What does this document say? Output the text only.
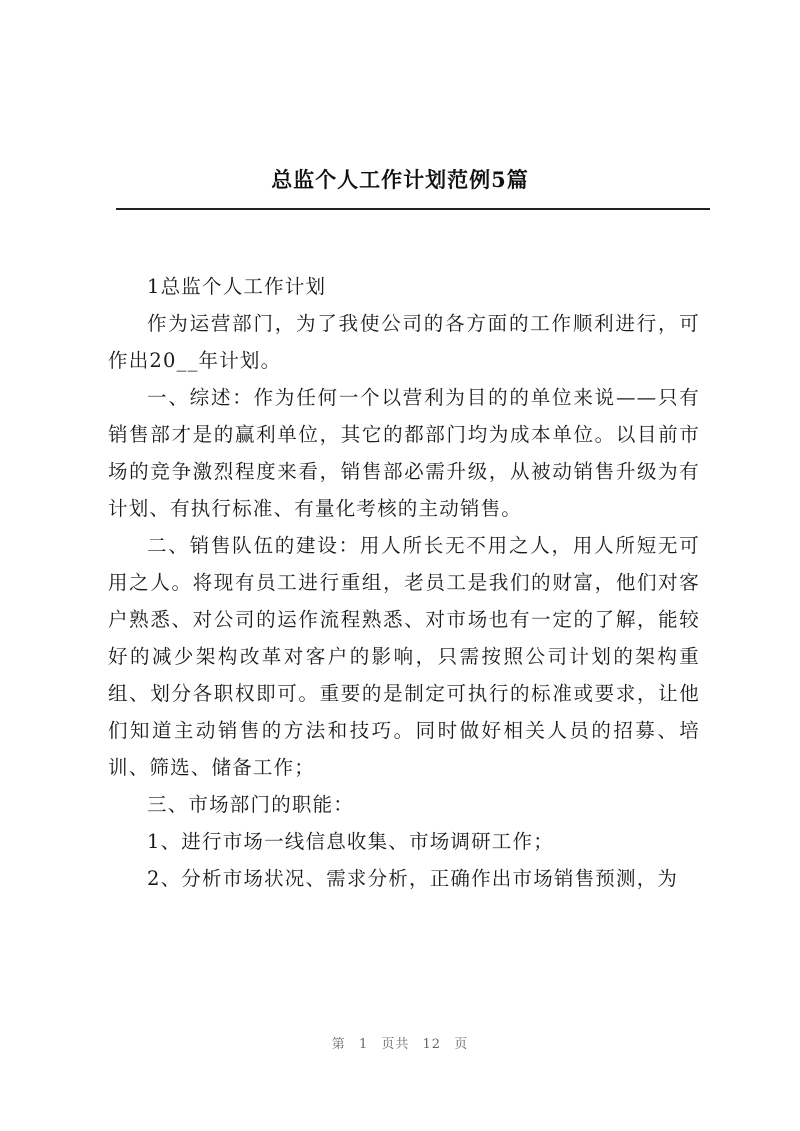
总监个人工作计划范例5篇

1总监个人工作计划

作为运营部门，为了我使公司的各方面的工作顺利进行，可作出20__年计划。

一、综述：作为任何一个以营利为目的的单位来说——只有销售部才是的赢利单位，其它的都部门均为成本单位。以目前市场的竞争激烈程度来看，销售部必需升级，从被动销售升级为有计划、有执行标准、有量化考核的主动销售。

二、销售队伍的建设：用人所长无不用之人，用人所短无可用之人。将现有员工进行重组，老员工是我们的财富，他们对客户熟悉、对公司的运作流程熟悉、对市场也有一定的了解，能较好的减少架构改革对客户的影响，只需按照公司计划的架构重组、划分各职权即可。重要的是制定可执行的标准或要求，让他们知道主动销售的方法和技巧。同时做好相关人员的招募、培训、筛选、储备工作；

三、市场部门的职能：

1、进行市场一线信息收集、市场调研工作；

2、分析市场状况、需求分析，正确作出市场销售预测，为

第 1 页共 12 页
